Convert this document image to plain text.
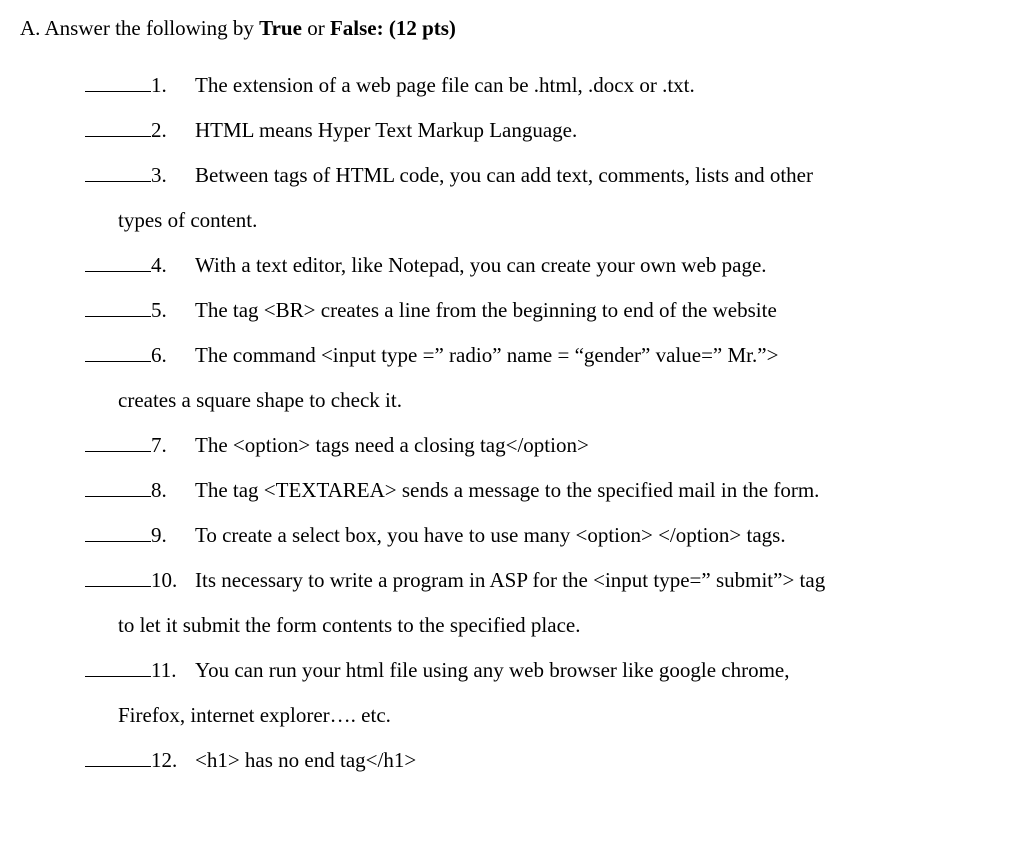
A. Answer the following by True or False: (12 pts)
1. The extension of a web page file can be .html, .docx or .txt.
2. HTML means Hyper Text Markup Language.
3. Between tags of HTML code, you can add text, comments, lists and other
types of content.
4. With a text editor, like Notepad, you can create your own web page.
5. The tag <BR> creates a line from the beginning to end of the website
6. The command <input type =” radio” name = “gender” value=” Mr.”>
creates a square shape to check it.
7. The <option> tags need a closing tag</option>
8. The tag <TEXTAREA> sends a message to the specified mail in the form.
9. To create a select box, you have to use many <option> </option> tags.
10. Its necessary to write a program in ASP for the <input type=” submit”> tag
to let it submit the form contents to the specified place.
11. You can run your html file using any web browser like google chrome,
Firefox, internet explorer…. etc.
12. <h1> has no end tag</h1>
